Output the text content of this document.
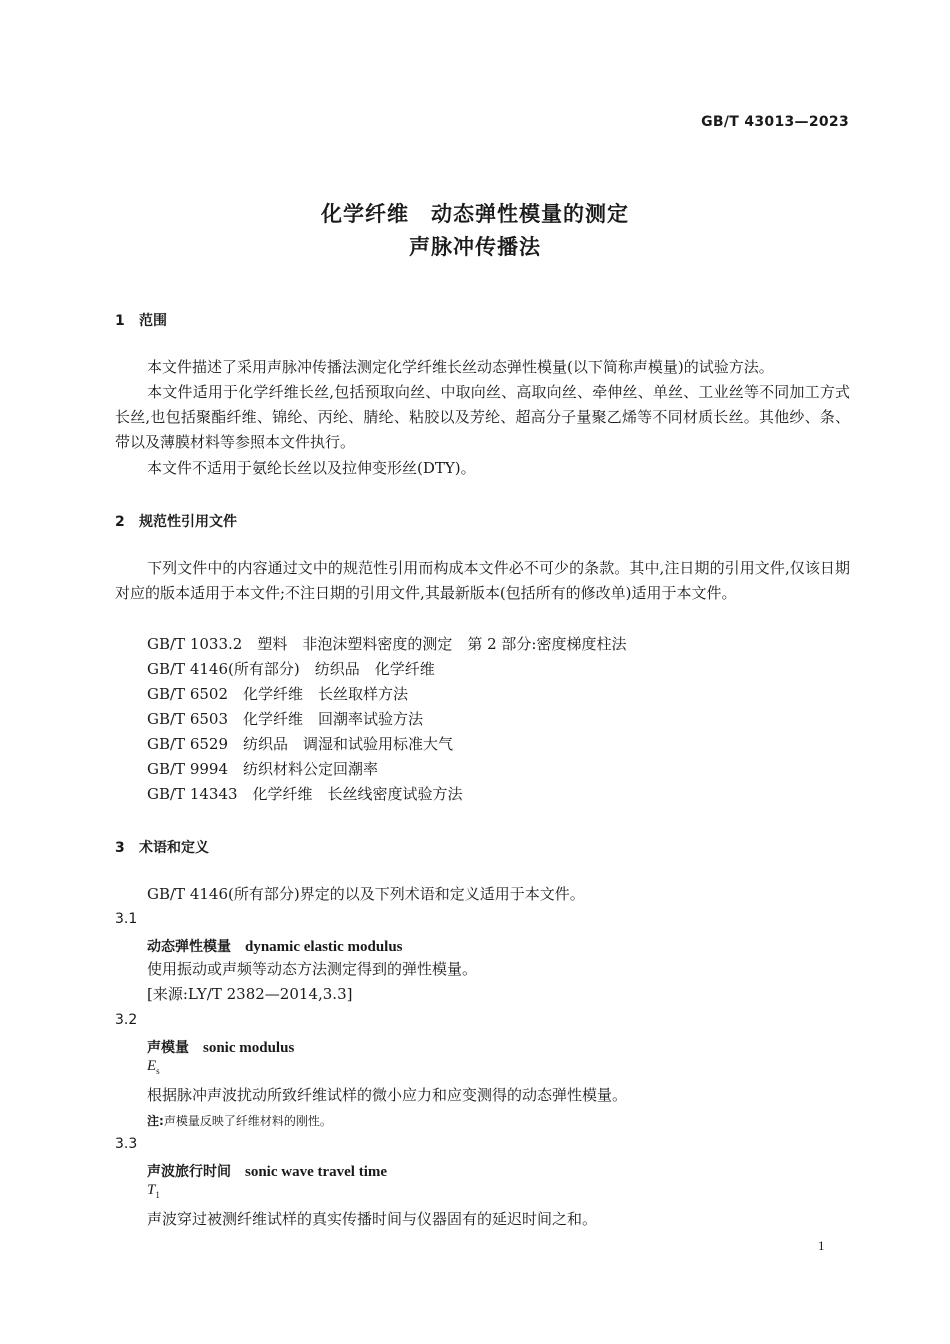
GB/T 43013—2023
化学纤维　动态弹性模量的测定
声脉冲传播法
1 范围
本文件描述了采用声脉冲传播法测定化学纤维长丝动态弹性模量(以下简称声模量)的试验方法。
本文件适用于化学纤维长丝,包括预取向丝、中取向丝、高取向丝、牵伸丝、单丝、工业丝等不同加工方式长丝,也包括聚酯纤维、锦纶、丙纶、腈纶、粘胶以及芳纶、超高分子量聚乙烯等不同材质长丝。其他纱、条、带以及薄膜材料等参照本文件执行。
本文件不适用于氨纶长丝以及拉伸变形丝(DTY)。
2 规范性引用文件
下列文件中的内容通过文中的规范性引用而构成本文件必不可少的条款。其中,注日期的引用文件,仅该日期对应的版本适用于本文件;不注日期的引用文件,其最新版本(包括所有的修改单)适用于本文件。
GB/T 1033.2　塑料　非泡沫塑料密度的测定　第 2 部分:密度梯度柱法
GB/T 4146(所有部分)　纺织品　化学纤维
GB/T 6502　化学纤维　长丝取样方法
GB/T 6503　化学纤维　回潮率试验方法
GB/T 6529　纺织品　调湿和试验用标准大气
GB/T 9994　纺织材料公定回潮率
GB/T 14343　化学纤维　长丝线密度试验方法
3 术语和定义
GB/T 4146(所有部分)界定的以及下列术语和定义适用于本文件。
3.1
动态弹性模量 dynamic elastic modulus
使用振动或声频等动态方法测定得到的弹性模量。
[来源:LY/T 2382—2014,3.3]
3.2
声模量 sonic modulus
$E_s$
根据脉冲声波扰动所致纤维试样的微小应力和应变测得的动态弹性模量。
注:声模量反映了纤维材料的刚性。
3.3
声波旅行时间 sonic wave travel time
$T_1$
声波穿过被测纤维试样的真实传播时间与仪器固有的延迟时间之和。
1
